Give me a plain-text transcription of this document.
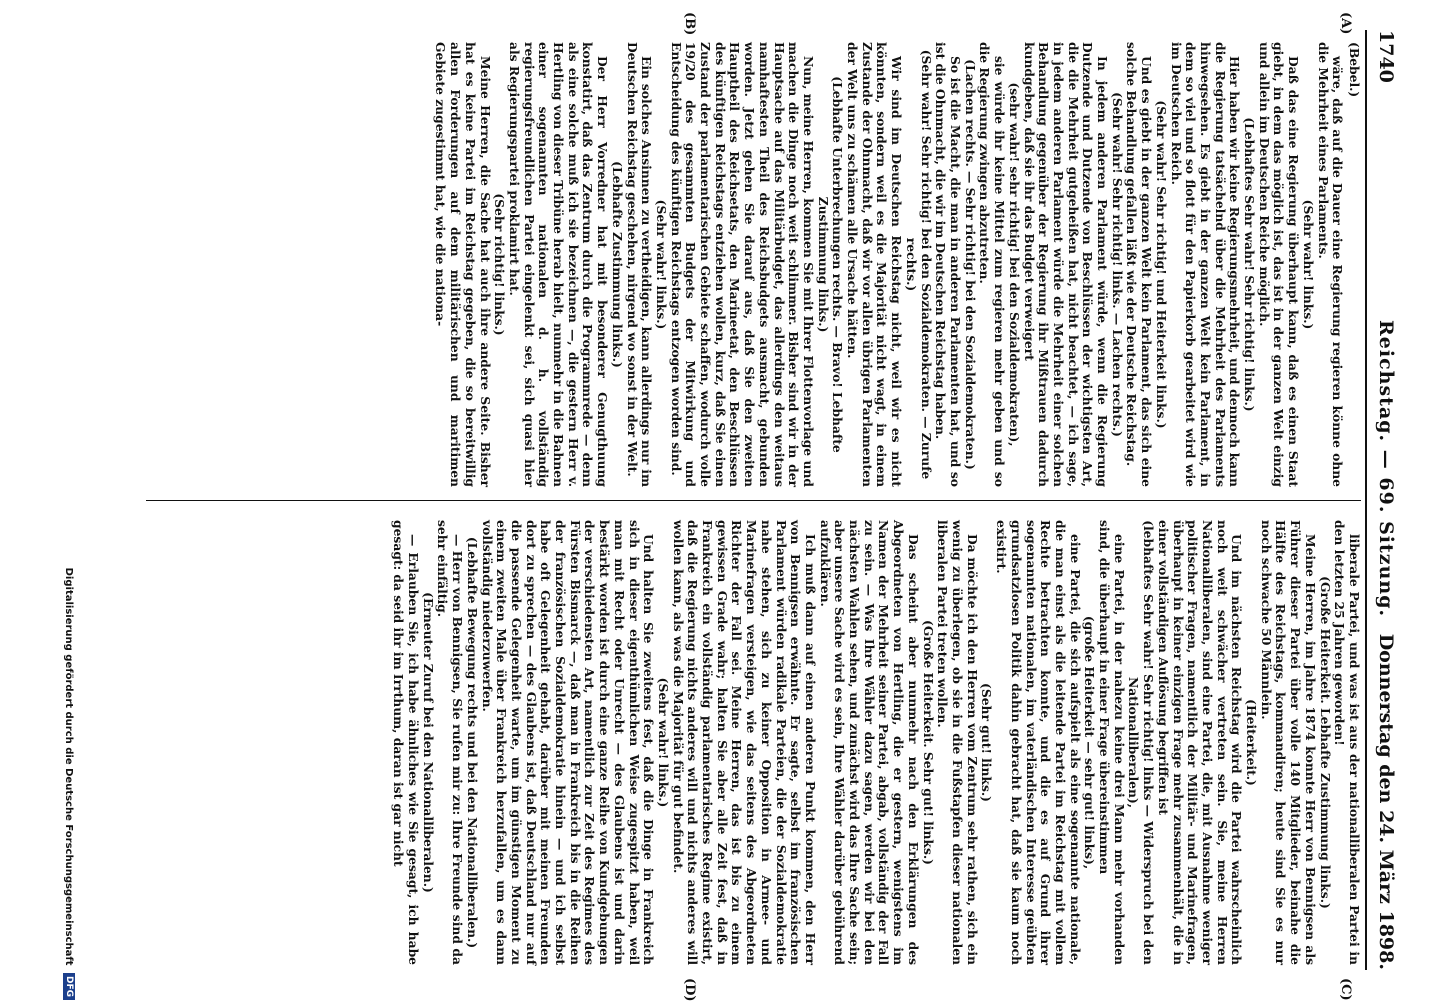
1740
Reichstag. — 69. Sitzung.
Donnerstag den 24. März 1898.
(A)
(B)
(C)
(D)

(Bebel.)

wäre, daß auf die Dauer eine Regierung regieren könne ohne die Mehrheit eines Parlaments.

(Sehr wahr! links.)

Daß das eine Regierung überhaupt kann, daß es einen Staat giebt, in dem das möglich ist, das ist in der ganzen Welt einzig und allein im Deutschen Reiche möglich.

(Lebhaftes Sehr wahr! Sehr richtig! links.)

Hier haben wir keine Regierungsmehrheit, und dennoch kann die Regierung tatsächelnd über die Mehrheit des Parlaments hinwegsehen. Es giebt in der ganzen Welt kein Parlament, in dem so viel und so flott für den Papierkorb gearbeitet wird wie im Deutschen Reich.

(Sehr wahr! Sehr richtig! und Heiterkeit links.)

Und es giebt in der ganzen Welt kein Parlament, das sich eine solche Behandlung gefallen läßt wie der Deutsche Reichstag.

(Sehr wahr! Sehr richtig! links. — Lachen rechts.)

In jedem anderen Parlament würde, wenn die Regierung Dutzende und Dutzende von Beschlüssen der wichtigsten Art, die die Mehrheit gutgeheißen hat, nicht beachtet, — ich sage, in jedem anderen Parlament würde die Mehrheit einer solchen Behandlung gegenüber der Regierung ihr Mißtrauen dadurch kundgeben, daß sie ihr das Budget verweigert

(sehr wahr! sehr richtig! bei den Sozialdemokraten),

sie würde ihr keine Mittel zum regieren mehr geben und so die Regierung zwingen abzutreten.

(Lachen rechts. — Sehr richtig! bei den Sozialdemokraten.)

So ist die Macht, die man in anderen Parlamenten hat, und so ist die Ohnmacht, die wir im Deutschen Reichstag haben.

(Sehr wahr! Sehr richtig! bei den Sozialdemokraten. — Zurufe rechts.)

Wir sind im Deutschen Reichstag nicht, weil wir es nicht könnten, sondern weil es die Majorität nicht wagt, in einem Zustande der Ohnmacht, daß wir vor allen übrigen Parlamenten der Welt uns zu schämen alle Ursache hätten.

(Lebhafte Unterbrechungen rechts. — Bravo! Lebhafte Zustimmung links.)

Nun, meine Herren, kommen Sie mit Ihrer Flottenvorlage und machen die Dinge noch weit schlimmer. Bisher sind wir in der Hauptsache auf das Militärbudget, das allerdings den weitaus namhaftesten Theil des Reichsbudgets ausmacht, gebunden worden. Jetzt gehen Sie darauf aus, daß Sie den zweiten Hauptheil des Reichsetats, den Marineetat, den Beschlüssen des künftigen Reichstags entziehen wollen, kurz, daß Sie einen Zustand der parlamentarischen Gebiete schaffen, wodurch volle 19/20 des gesammten Budgets der Mitwirkung und Entscheidung des künftigen Reichstags entzogen worden sind.

(Sehr wahr! links.)

Ein solches Ansinnen zu vertheidigen, kann allerdings nur im Deutschen Reichstag geschehen, nirgend wo sonst in der Welt.

(Lebhafte Zustimmung links.)

Der Herr Vorredner hat mit besonderer Genugthuung konstatirt, daß das Zentrum durch die Programmrede — denn als eine solche muß ich sie bezeichnen —, die gestern Herr v. Hertling von dieser Tribüne herab hielt, nunmehr in die Bahnen einer sogenannten nationalen d. h. vollständig regierungsfreundlichen Partei eingelenkt sei, sich quasi hier als Regierungspartei proklamirt hat.

(Sehr richtig! links.)

Meine Herren, die Sache hat auch ihre andere Seite. Bisher hat es keine Partei im Reichstag gegeben, die so bereitwillig allen Forderungen auf dem militärischen und maritimen Gebiete zugestimmt hat, wie die nationa-

liberale Partei, und was ist aus der nationalliberalen Partei in den letzten 25 Jahren geworden!

(Große Heiterkeit. Lebhafte Zustimmung links.)

Meine Herren, im Jahre 1874 konnte Herr von Bennigsen als Führer dieser Partei über volle 140 Mitglieder, beinahe die Hälfte des Reichstags, kommandiren; heute sind Sie es nur noch schwache 50 Männlein.

(Heiterkeit.)

Und im nächsten Reichstag wird die Partei wahrscheinlich noch weit schwächer vertreten sein. Sie, meine Herren Nationalliberalen, sind eine Partei, die, mit Ausnahme weniger politischer Fragen, namentlich der Militär- und Marinefragen, überhaupt in keiner einzigen Frage mehr zusammenhält, die in einer vollständigen Auflösung begriffen ist

(lebhaftes Sehr wahr! Sehr richtig! links — Widerspruch bei den Nationalliberalen),

eine Partei, in der nahezu keine drei Mann mehr vorhanden sind, die überhaupt in einer Frage übereinstimmen

(große Heiterkeit — sehr gut! links),

eine Partei, die sich aufspielt als eine sogenannte nationale, die man einst als die leitende Partei im Reichstag mit vollem Rechte betrachten konnte, und die es auf Grund ihrer sogenannten nationalen, im vaterländischen Interesse geübten grundsatzlosen Politik dahin gebracht hat, daß sie kaum noch existirt.

(Sehr gut! links.)

Da möchte ich den Herren vom Zentrum sehr rathen, sich ein wenig zu überlegen, ob sie in die Fußstapfen dieser nationalen liberalen Partei treten wollen.

(Große Heiterkeit. Sehr gut! links.)

Das scheint aber nunmehr nach den Erklärungen des Abgeordneten von Hertling, die er gestern, wenigstens im Namen der Mehrheit seiner Partei, abgab, vollständig der Fall zu sein. — Was Ihre Wähler dazu sagen, werden wir bei den nächsten Wahlen sehen, und zunächst wird das Ihre Sache sein; aber unsere Sache wird es sein, Ihre Wähler darüber gebührend aufzuklären.

Ich muß dann auf einen anderen Punkt kommen, den Herr von Bennigsen erwähnte. Er sagte, selbst im französischen Parlament würden radikale Parteien, die der Sozialdemokratie nahe stehen, sich zu keiner Opposition in Armee- und Marinefragen versteigen, wie das seitens des Abgeordneten Richter der Fall sei. Meine Herren, das ist bis zu einem gewissen Grade wahr; halten Sie aber alle Zeit fest, daß in Frankreich ein vollständig parlamentarisches Regime existirt, daß die Regierung nichts anderes will und nichts anderes will wollen kann, als was die Majorität für gut befindet.

(Sehr wahr! links.)

Und halten Sie zweitens fest, daß die Dinge in Frankreich sich in dieser eigenthümlichen Weise zugespitzt haben, weil man mit Recht oder Unrecht — des Glaubens ist und darin bestärkt worden ist durch eine ganze Reihe von Kundgebungen der verschiedensten Art, namentlich zur Zeit des Regimes des Fürsten Bismarck —, daß man in Frankreich bis in die Reihen der französischen Sozialdemokratie hinein — und ich selbst habe oft Gelegenheit gehabt, darüber mit meinen Freunden dort zu sprechen — des Glaubens ist, daß Deutschland nur auf die passende Gelegenheit warte, um im günstigen Moment zu einem zweiten Male über Frankreich herzufallen, um es dann vollständig niederzuwerfen.

(Lebhafte Bewegung rechts und bei den Nationalliberalen.)

— Herr von Bennigsen, Sie rufen mir zu: Ihre Freunde sind da sehr einfältig.

(Erneuter Zuruf bei den Nationalliberalen.)

— Erlauben Sie, ich habe ähnliches wie Sie gesagt, ich habe gesagt: da seid ihr im Irrthum, daran ist gar nicht

Digitalisierung gefördert durch die Deutsche Forschungsgemeinschaft DFG
